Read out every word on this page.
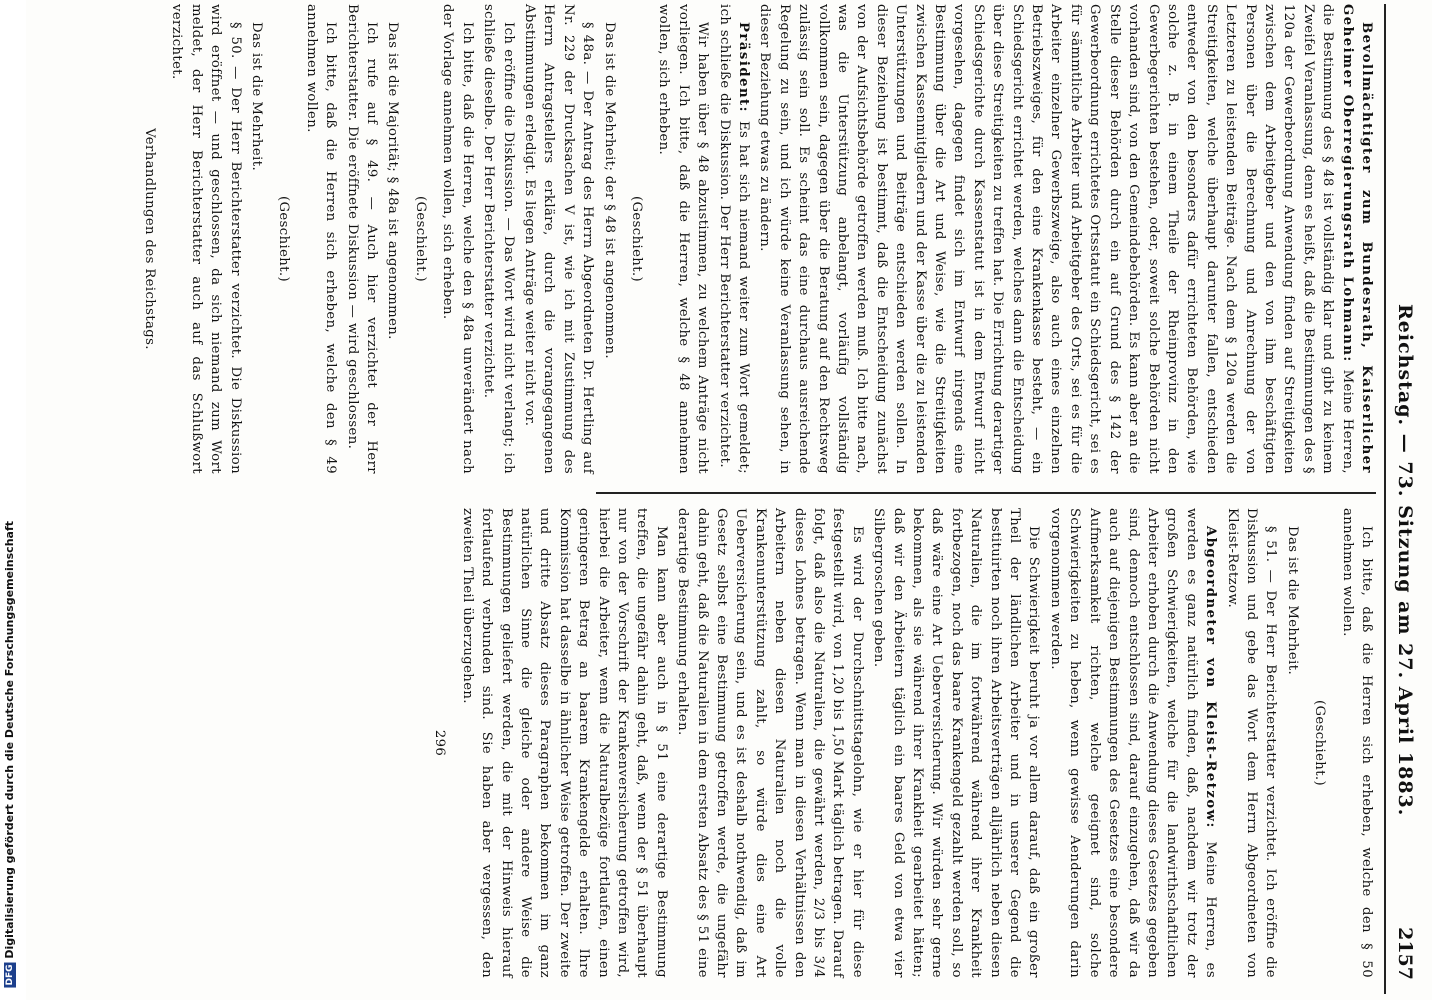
DFG Digitalisierung gefördert durch die Deutsche Forschungsgemeinschaft	Reichstag. — 73. Sitzung am 27. April 1883.
2157

Bevollmächtigter zum Bundesrath, Kaiserlicher Geheimer Oberregierungsrath Lohmann: Meine Herren, die Bestimmung des § 48 ist vollständig klar und gibt zu keinem Zweifel Veranlassung, denn es heißt, daß die Bestimmungen des § 120a der Gewerbeordnung Anwendung finden auf Streitigkeiten zwischen dem Arbeitgeber und den von ihm beschäftigten Personen über die Berechnung und Anrechnung der von Letzteren zu leistenden Beiträge. Nach dem § 120a werden die Streitigkeiten, welche überhaupt darunter fallen, entschieden entweder von den besonders dafür errichteten Behörden, wie solche z. B. in einem Theile der Rheinprovinz in den Gewerbegerichten bestehen, oder, soweit solche Behörden nicht vorhanden sind, von den Gemeindebehörden. Es kann aber an die Stelle dieser Behörden durch ein auf Grund des § 142 der Gewerbeordnung errichtetes Ortsstatut ein Schiedsgericht, sei es für sämmtliche Arbeiter und Arbeitgeber des Orts, sei es für die Arbeiter einzelner Gewerbszweige, also auch eines einzelnen Betriebszweiges, für den eine Krankenkasse besteht, — ein Schiedsgericht errichtet werden, welches dann die Entscheidung über diese Streitigkeiten zu treffen hat. Die Errichtung derartiger Schiedsgerichte durch Kassenstatut ist in dem Entwurf nicht vorgesehen, dagegen findet sich im Entwurf nirgends eine Bestimmung über die Art und Weise, wie die Streitigkeiten zwischen Kassenmitgliedern und der Kasse über die zu leistenden Unterstützungen und Beiträge entschieden werden sollen. In dieser Beziehung ist bestimmt, daß die Entscheidung zunächst von der Aufsichtsbehörde getroffen werden muß. Ich bitte nach, was die Unterstützung anbelangt, vorläufig vollständig vollkommen sein, dagegen über die Beratung auf den Rechtsweg zulässig sein soll. Es scheint das eine durchaus ausreichende Regelung zu sein, und ich würde keine Veranlassung sehen, in dieser Beziehung etwas zu ändern.

Präsident: Es hat sich niemand weiter zum Wort gemeldet; ich schließe die Diskussion. Der Herr Berichterstatter verzichtet.

Wir haben über § 48 abzustimmen, zu welchem Anträge nicht vorliegen. Ich bitte, daß die Herren, welche § 48 annehmen wollen, sich erheben.

(Geschieht.)

Das ist die Mehrheit; der § 48 ist angenommen.

§ 48a. — Der Antrag des Herrn Abgeordneten Dr. Hertling auf Nr. 229 der Drucksachen V ist, wie ich mit Zustimmung des Herrn Antragstellers erkläre, durch die vorangegangenen Abstimmungen erledigt. Es liegen Anträge weiter nicht vor.

Ich eröffne die Diskussion. — Das Wort wird nicht verlangt; ich schließe dieselbe. Der Herr Berichterstatter verzichtet.

Ich bitte, daß die Herren, welche den § 48a unverändert nach der Vorlage annehmen wollen, sich erheben.

(Geschieht.)

Das ist die Majorität; § 48a ist angenommen.

Ich rufe auf § 49. — Auch hier verzichtet der Herr Berichterstatter. Die eröffnete Diskussion — wird geschlossen.

Ich bitte, daß die Herren sich erheben, welche den § 49 annehmen wollen.

(Geschieht.)

Das ist die Mehrheit.

§ 50. — Der Herr Berichterstatter verzichtet. Die Diskussion wird eröffnet — und geschlossen, da sich niemand zum Wort meldet, der Herr Berichterstatter auch auf das Schlußwort verzichtet.

Verhandlungen des Reichstags.

Ich bitte, daß die Herren sich erheben, welche den § 50 annehmen wollen.

(Geschieht.)

Das ist die Mehrheit.

§ 51. — Der Herr Berichterstatter verzichtet. Ich eröffne die Diskussion und gebe das Wort dem Herrn Abgeordneten von Kleist-Retzow.

Abgeordneter von Kleist-Retzow: Meine Herren, es werden es ganz natürlich finden, daß, nachdem wir trotz der großen Schwierigkeiten, welche für die landwirthschaftlichen Arbeiter erhoben durch die Anwendung dieses Gesetzes gegeben sind, dennoch entschlossen sind, darauf einzugehen, daß wir da auch auf diejenigen Bestimmungen des Gesetzes eine besondere Aufmerksamkeit richten, welche geeignet sind, solche Schwierigkeiten zu heben, wenn gewisse Aenderungen darin vorgenommen werden.

Die Schwierigkeit beruht ja vor allem darauf, daß ein großer Theil der ländlichen Arbeiter und in unserer Gegend die bestituirten noch ihren Arbeitsverträgen alljährlich neben diesen Naturalien, die im fortwährend während ihrer Krankheit fortbezogen, noch das baare Krankengeld gezahlt werden soll, so daß wäre eine Art Ueberversicherung. Wir würden sehr gerne bekommen, als sie während ihrer Krankheit gearbeitet hätten; daß wir den Ärbeitern täglich ein baares Geld von etwa vier Silbergroschen geben.

Es wird der Durchschnittstagelohn, wie er hier für diese festgestellt wird, von 1,20 bis 1,50 Mark täglich betragen. Darauf folgt, daß also die Naturalien, die gewährt werden, 2/3 bis 3/4 dieses Lohnes betragen. Wenn man in diesen Verhältnissen den Arbeitern neben diesen Naturalien noch die volle Krankenunterstützung zahlt, so würde dies eine Art Ueberversicherung sein, und es ist deshalb nothwendig, daß im Gesetz selbst eine Bestimmung getroffen werde, die ungefähr dahin geht, daß die Naturalien in dem ersten Absatz des § 51 eine derartige Bestimmung erhalten.

Man kann aber auch in § 51 eine derartige Bestimmung treffen, die ungefähr dahin geht, daß, wenn der § 51 überhaupt nur von der Vorschrift der Krankenversicherung getroffen wird, hierbei die Arbeiter, wenn die Naturalbezüge fortlaufen, einen geringeren Betrag an baarem Krankengelde erhalten. Ihre Kommission hat dasselbe in ähnlicher Weise getroffen. Der zweite und dritte Absatz dieses Paragraphen bekommen im ganz natürlichen Sinne die gleiche oder andere Weise die Bestimmungen geliefert werden, die mit der Hinweis hierauf fortlaufend verbunden sind. Sie haben aber vergessen, den zweiten Theil überzugehen.

296
